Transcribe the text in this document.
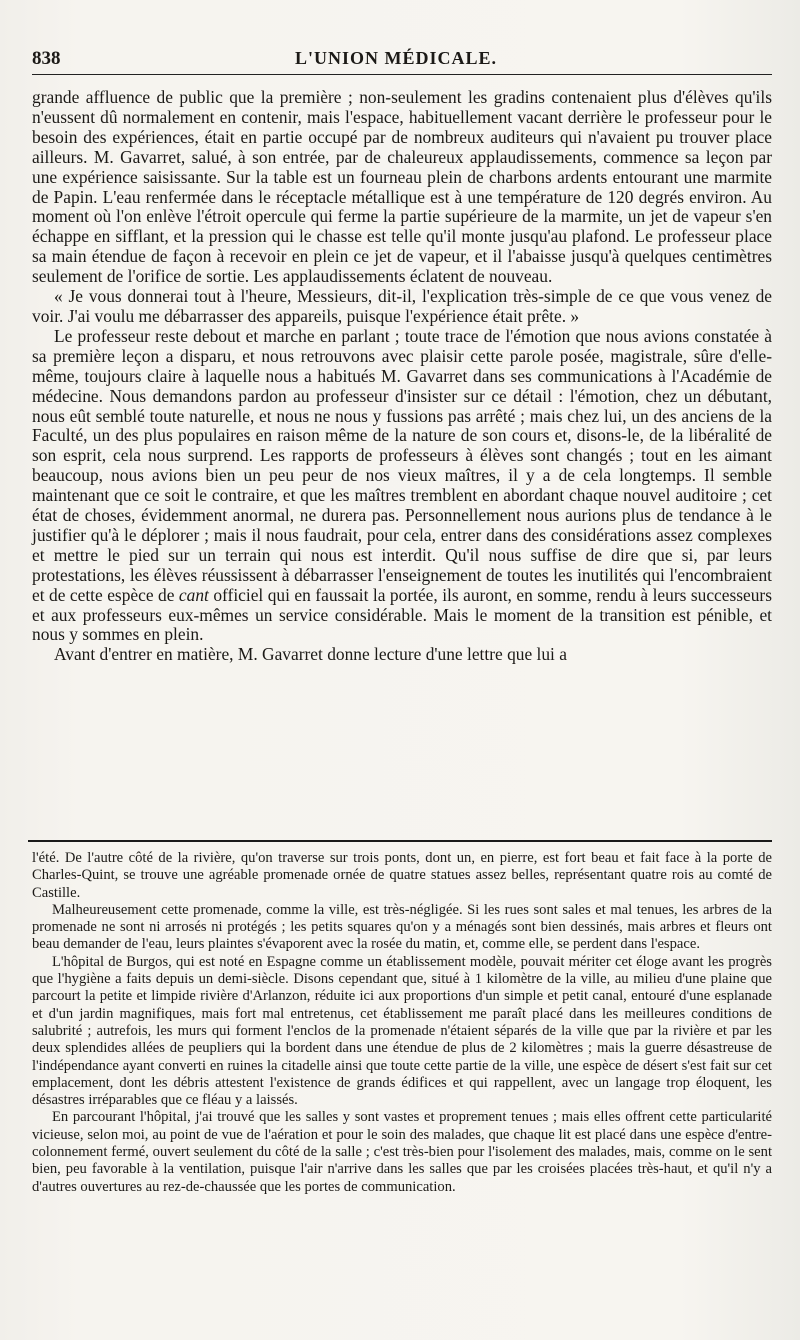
838	L'UNION MÉDICALE.

grande affluence de public que la première ; non-seulement les gradins contenaient plus d'élèves qu'ils n'eussent dû normalement en contenir, mais l'espace, habituellement vacant derrière le professeur pour le besoin des expériences, était en partie occupé par de nombreux auditeurs qui n'avaient pu trouver place ailleurs. M. Gavarret, salué, à son entrée, par de chaleureux applaudissements, commence sa leçon par une expérience saisissante. Sur la table est un fourneau plein de charbons ardents entourant une marmite de Papin. L'eau renfermée dans le réceptacle métallique est à une température de 120 degrés environ. Au moment où l'on enlève l'étroit opercule qui ferme la partie supérieure de la marmite, un jet de vapeur s'en échappe en sifflant, et la pression qui le chasse est telle qu'il monte jusqu'au plafond. Le professeur place sa main étendue de façon à recevoir en plein ce jet de vapeur, et il l'abaisse jusqu'à quelques centimètres seulement de l'orifice de sortie. Les applaudissements éclatent de nouveau.

« Je vous donnerai tout à l'heure, Messieurs, dit-il, l'explication très-simple de ce que vous venez de voir. J'ai voulu me débarrasser des appareils, puisque l'expérience était prête. »

Le professeur reste debout et marche en parlant ; toute trace de l'émotion que nous avions constatée à sa première leçon a disparu, et nous retrouvons avec plaisir cette parole posée, magistrale, sûre d'elle-même, toujours claire à laquelle nous a habitués M. Gavarret dans ses communications à l'Académie de médecine. Nous demandons pardon au professeur d'insister sur ce détail : l'émotion, chez un débutant, nous eût semblé toute naturelle, et nous ne nous y fussions pas arrêté ; mais chez lui, un des anciens de la Faculté, un des plus populaires en raison même de la nature de son cours et, disons-le, de la libéralité de son esprit, cela nous surprend. Les rapports de professeurs à élèves sont changés ; tout en les aimant beaucoup, nous avions bien un peu peur de nos vieux maîtres, il y a de cela longtemps. Il semble maintenant que ce soit le contraire, et que les maîtres tremblent en abordant chaque nouvel auditoire ; cet état de choses, évidemment anormal, ne durera pas. Personnellement nous aurions plus de tendance à le justifier qu'à le déplorer ; mais il nous faudrait, pour cela, entrer dans des considérations assez complexes et mettre le pied sur un terrain qui nous est interdit. Qu'il nous suffise de dire que si, par leurs protestations, les élèves réussissent à débarrasser l'enseignement de toutes les inutilités qui l'encombraient et de cette espèce de cant officiel qui en faussait la portée, ils auront, en somme, rendu à leurs successeurs et aux professeurs eux-mêmes un service considérable. Mais le moment de la transition est pénible, et nous y sommes en plein.

Avant d'entrer en matière, M. Gavarret donne lecture d'une lettre que lui a

l'été. De l'autre côté de la rivière, qu'on traverse sur trois ponts, dont un, en pierre, est fort beau et fait face à la porte de Charles-Quint, se trouve une agréable promenade ornée de quatre statues assez belles, représentant quatre rois au comté de Castille.

Malheureusement cette promenade, comme la ville, est très-négligée. Si les rues sont sales et mal tenues, les arbres de la promenade ne sont ni arrosés ni protégés ; les petits squares qu'on y a ménagés sont bien dessinés, mais arbres et fleurs ont beau demander de l'eau, leurs plaintes s'évaporent avec la rosée du matin, et, comme elle, se perdent dans l'espace.

L'hôpital de Burgos, qui est noté en Espagne comme un établissement modèle, pouvait mériter cet éloge avant les progrès que l'hygiène a faits depuis un demi-siècle. Disons cependant que, situé à 1 kilomètre de la ville, au milieu d'une plaine que parcourt la petite et limpide rivière d'Arlanzon, réduite ici aux proportions d'un simple et petit canal, entouré d'une esplanade et d'un jardin magnifiques, mais fort mal entretenus, cet établissement me paraît placé dans les meilleures conditions de salubrité ; autrefois, les murs qui forment l'enclos de la promenade n'étaient séparés de la ville que par la rivière et par les deux splendides allées de peupliers qui la bordent dans une étendue de plus de 2 kilomètres ; mais la guerre désastreuse de l'indépendance ayant converti en ruines la citadelle ainsi que toute cette partie de la ville, une espèce de désert s'est fait sur cet emplacement, dont les débris attestent l'existence de grands édifices et qui rappellent, avec un langage trop éloquent, les désastres irréparables que ce fléau y a laissés.

En parcourant l'hôpital, j'ai trouvé que les salles y sont vastes et proprement tenues ; mais elles offrent cette particularité vicieuse, selon moi, au point de vue de l'aération et pour le soin des malades, que chaque lit est placé dans une espèce d'entre-colonnement fermé, ouvert seulement du côté de la salle ; c'est très-bien pour l'isolement des malades, mais, comme on le sent bien, peu favorable à la ventilation, puisque l'air n'arrive dans les salles que par les croisées placées très-haut, et qu'il n'y a d'autres ouvertures au rez-de-chaussée que les portes de communication.
